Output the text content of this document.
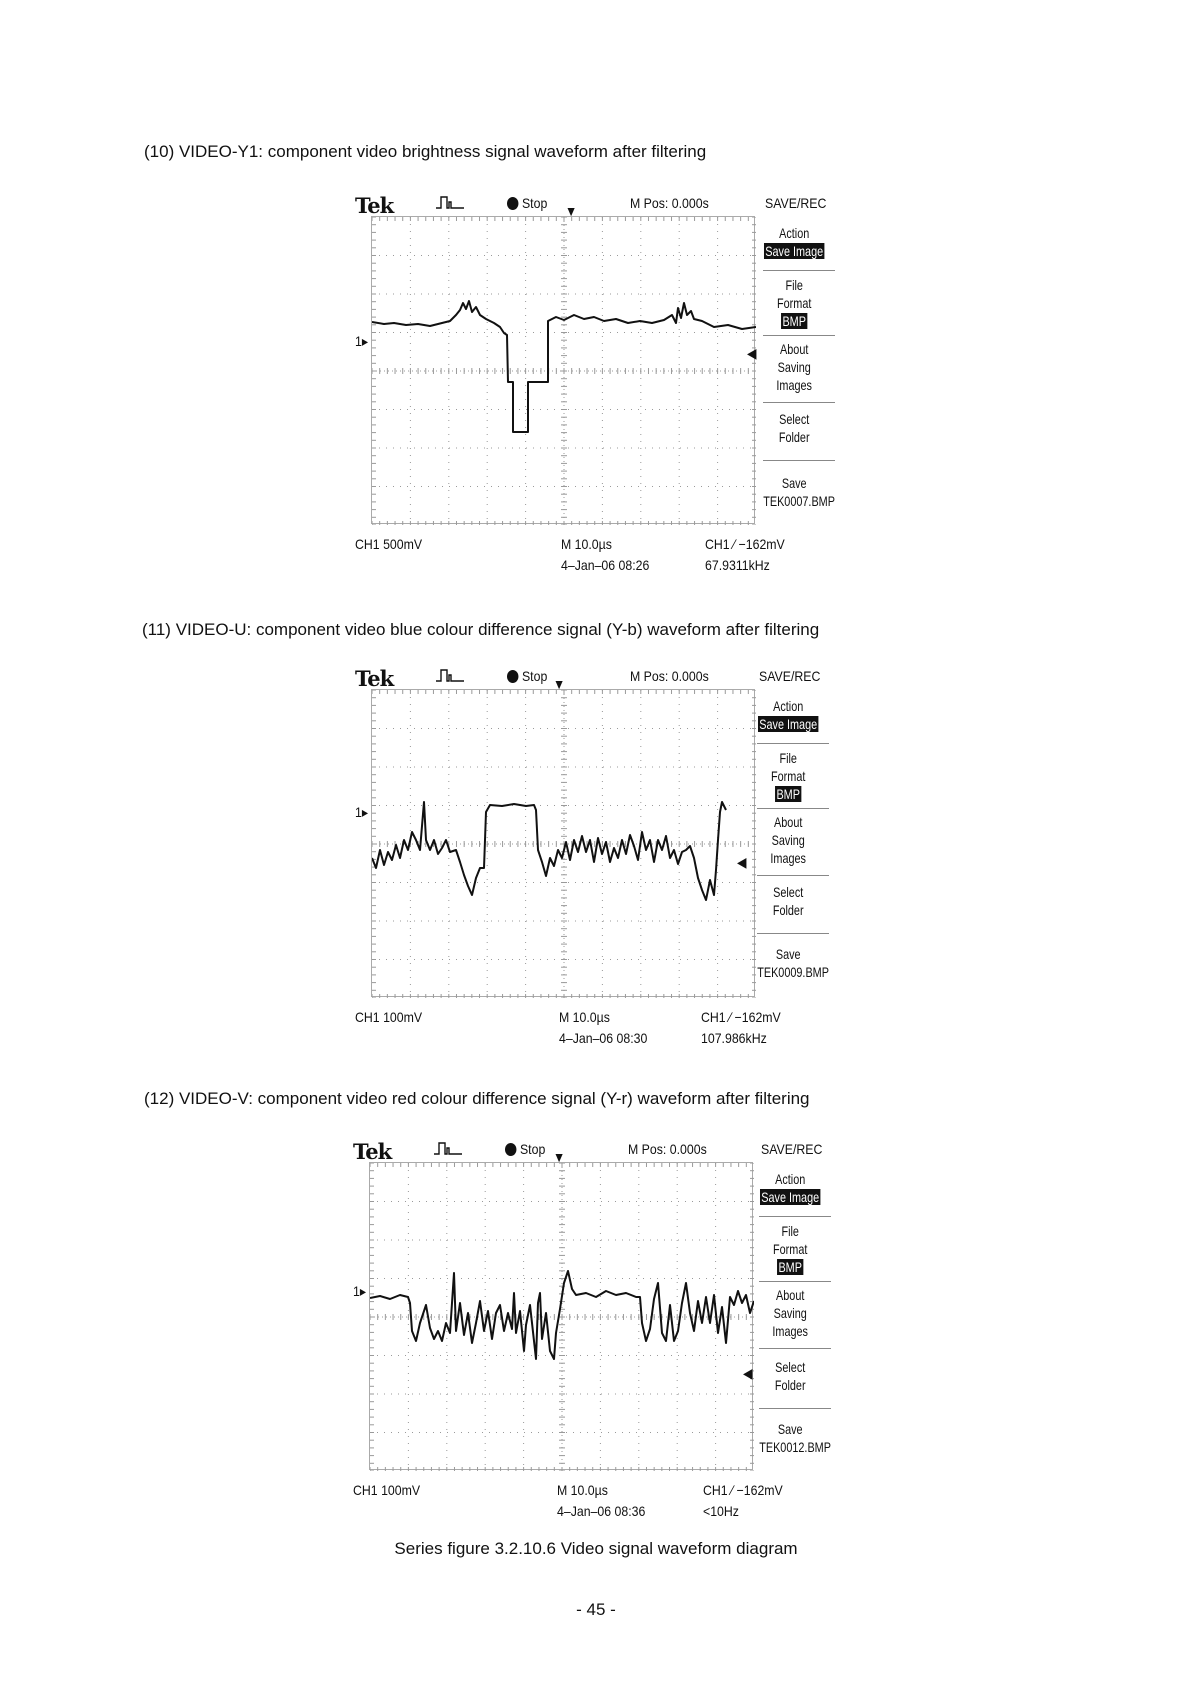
(10) VIDEO-Y1: component video brightness signal waveform after filtering
Tek	Stop	M Pos: 0.000s
1▸
▼
◀
SAVE/REC
Action
Save Image
File
Format
BMP
About
Saving
Images
Select
Folder
Save
TEK0007.BMP
CH1 500mV	M 10.0µs
4–Jan–06 08:26
CH1 ∕ −162mV
67.9311kHz
(11) VIDEO-U: component video blue colour difference signal (Y-b) waveform after filtering
Tek	Stop	M Pos: 0.000s
1▸
▼
◀
SAVE/REC
Action
Save Image
File
Format
BMP
About
Saving
Images
Select
Folder
Save
TEK0009.BMP
CH1 100mV	M 10.0µs
4–Jan–06 08:30
CH1 ∕ −162mV
107.986kHz
(12) VIDEO-V: component video red colour difference signal (Y-r) waveform after filtering
Tek	Stop	M Pos: 0.000s
1▸
▼
◀
SAVE/REC
Action
Save Image
File
Format
BMP
About
Saving
Images
Select
Folder
Save
TEK0012.BMP
CH1 100mV	M 10.0µs
4–Jan–06 08:36
CH1 ∕ −162mV
<10Hz
Series figure 3.2.10.6 Video signal waveform diagram
- 45 -
